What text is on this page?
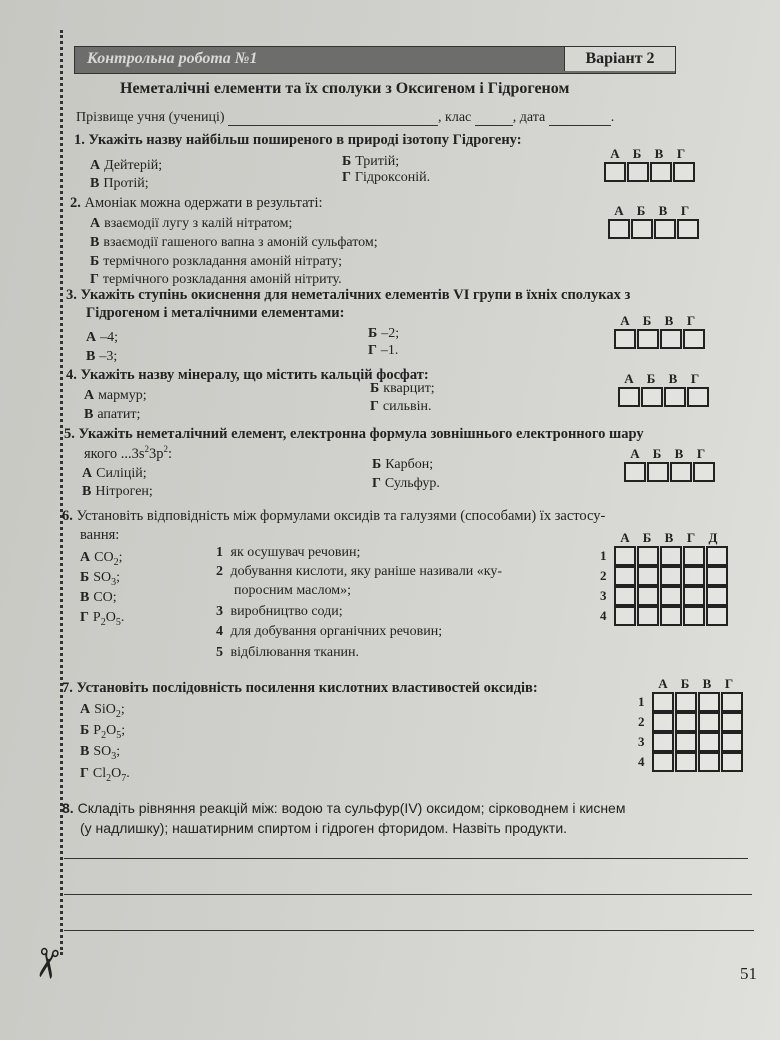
✂
Контрольна робота №1	Варіант 2
Неметалічні елементи та їх сполуки з Оксигеном і Гідрогеном
Прізвище учня (учениці)	, клас	, дата	.
1. Укажіть назву найбільш поширеного в природі ізотопу Гідрогену:
А Дейтерій;	Б Тритій;
В Протій;	Г Гідроксоній.
А	Б	В	Г
2. Амоніак можна одержати в результаті:
А взаємодії лугу з калій нітратом;
В взаємодії гашеного вапна з амоній сульфатом;
Б термічного розкладання амоній нітрату;
Г термічного розкладання амоній нітриту.
А	Б	В	Г
3. Укажіть ступінь окиснення для неметалічних елементів VI групи в їхніх сполуках з
Гідрогеном і металічними елементами:
А –4;	Б –2;
В –3;	Г –1.
А	Б	В	Г
4. Укажіть назву мінералу, що містить кальцій фосфат:
А мармур;	Б кварцит;
В апатит;
Г сильвін.
А	Б	В	Г
5. Укажіть неметалічний елемент, електронна формула зовнішнього електронного шару
якого $...3s^23p^2$:
А Силіцій;
Б Карбон;
В Нітроген;
Г Сульфур.
А	Б	В	Г
6. Установіть відповідність між формулами оксидів та галузями (способами) їх застосу-
вання:
А $CO_2$;
Б $SO_3$;
В CO;
Г $P_2O_5$.
1 як осушувач речовин;
2 добування кислоти, яку раніше називали «ку-
поросним маслом»;
3 виробництво соди;
4 для добування органічних речовин;
5 відбілювання тканин.
А	Б	В	Г	Д
1
2
3
4
7. Установіть послідовність посилення кислотних властивостей оксидів:
А SiO$_2$;
Б $P_2O_5$;
В $SO_3$;
Г $Cl_2O_7$.
А	Б	В	Г
1
2
3
4
8. Складіть рівняння реакцій між: водою та сульфур(IV) оксидом; сірководнем і киснем
(у надлишку); нашатирним спиртом і гідроген фторидом. Назвіть продукти.
51
